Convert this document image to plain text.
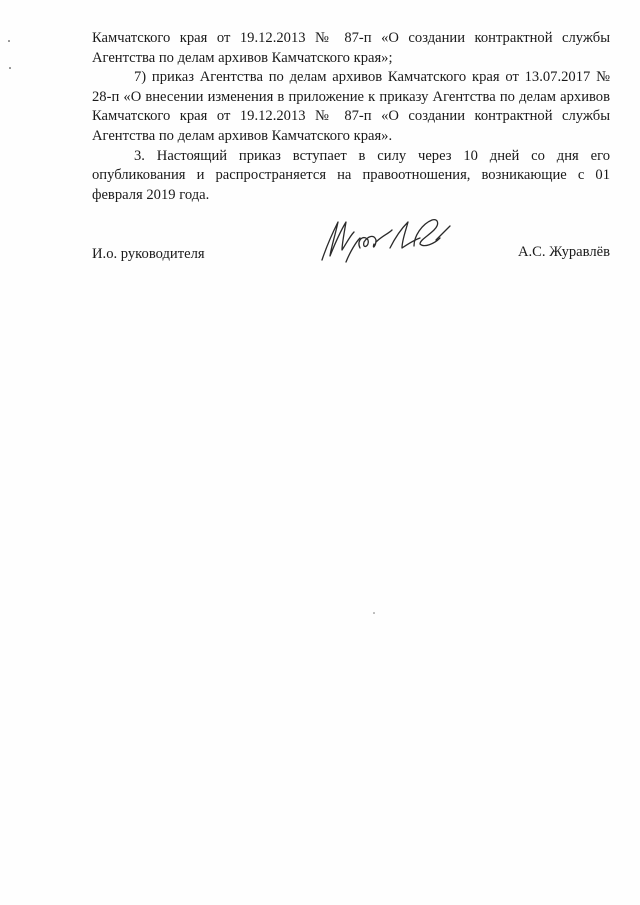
Камчатского края от 19.12.2013 № 87-п «О создании контрактной службы Агентства по делам архивов Камчатского края»;

7) приказ Агентства по делам архивов Камчатского края от 13.07.2017 № 28-п «О внесении изменения в приложение к приказу Агентства по делам архивов Камчатского края от 19.12.2013 № 87-п «О создании контрактной службы Агентства по делам архивов Камчатского края».

3. Настоящий приказ вступает в силу через 10 дней со дня его опубликования и распространяется на правоотношения, возникающие с 01 февраля 2019 года.

И.о. руководителя	А.С. Журавлёв
